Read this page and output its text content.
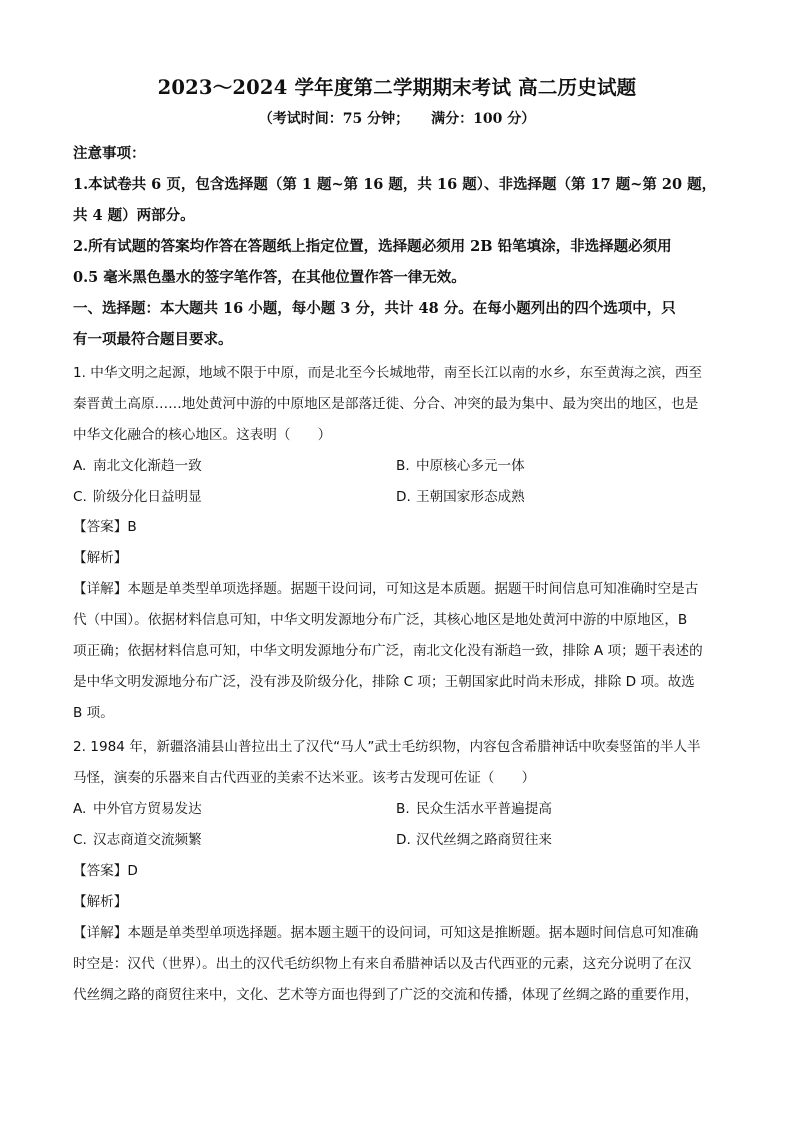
2023～2024 学年度第二学期期末考试 高二历史试题
（考试时间：75 分钟； 满分：100 分）
注意事项：
1.本试卷共 6 页，包含选择题（第 1 题~第 16 题，共 16 题）、非选择题（第 17 题~第 20 题，
共 4 题）两部分。
2.所有试题的答案均作答在答题纸上指定位置，选择题必须用 2B 铅笔填涂，非选择题必须用
0.5 毫米黑色墨水的签字笔作答，在其他位置作答一律无效。
一、选择题：本大题共 16 小题，每小题 3 分，共计 48 分。在每小题列出的四个选项中，只
有一项最符合题目要求。
1. 中华文明之起源，地域不限于中原，而是北至今长城地带，南至长江以南的水乡，东至黄海之滨，西至
秦晋黄土高原……地处黄河中游的中原地区是部落迁徙、分合、冲突的最为集中、最为突出的地区，也是
中华文化融合的核心地区。这表明（　　）
A. 南北文化渐趋一致	B. 中原核心多元一体
C. 阶级分化日益明显	D. 王朝国家形态成熟
【答案】B
【解析】
【详解】本题是单类型单项选择题。据题干设问词，可知这是本质题。据题干时间信息可知准确时空是古
代（中国）。依据材料信息可知，中华文明发源地分布广泛，其核心地区是地处黄河中游的中原地区，B
项正确；依据材料信息可知，中华文明发源地分布广泛，南北文化没有渐趋一致，排除 A 项；题干表述的
是中华文明发源地分布广泛，没有涉及阶级分化，排除 C 项；王朝国家此时尚未形成，排除 D 项。故选
B 项。
2. 1984 年，新疆洛浦县山普拉出土了汉代“马人”武士毛纺织物，内容包含希腊神话中吹奏竖笛的半人半
马怪，演奏的乐器来自古代西亚的美索不达米亚。该考古发现可佐证（　　）
A. 中外官方贸易发达	B. 民众生活水平普遍提高
C. 汉志商道交流频繁	D. 汉代丝绸之路商贸往来
【答案】D
【解析】
【详解】本题是单类型单项选择题。据本题主题干的设问词，可知这是推断题。据本题时间信息可知准确
时空是：汉代（世界）。出土的汉代毛纺织物上有来自希腊神话以及古代西亚的元素，这充分说明了在汉
代丝绸之路的商贸往来中，文化、艺术等方面也得到了广泛的交流和传播，体现了丝绸之路的重要作用，
